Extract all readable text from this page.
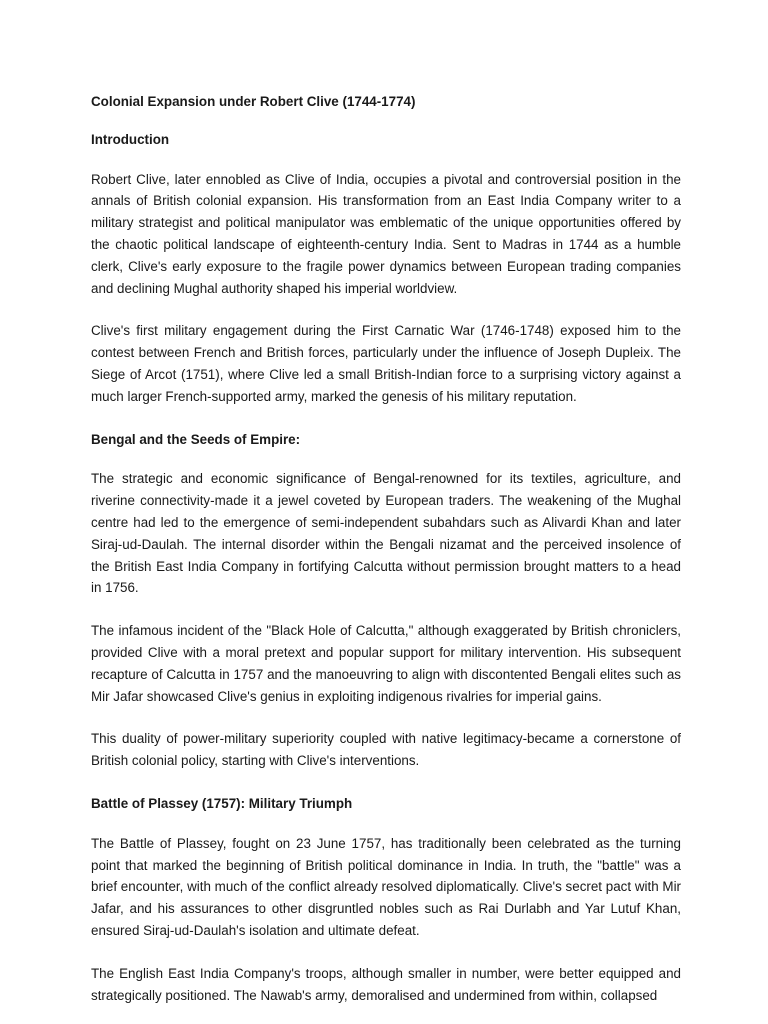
Colonial Expansion under Robert Clive (1744-1774)
Introduction

Robert Clive, later ennobled as Clive of India, occupies a pivotal and controversial position in the annals of British colonial expansion. His transformation from an East India Company writer to a military strategist and political manipulator was emblematic of the unique opportunities offered by the chaotic political landscape of eighteenth-century India. Sent to Madras in 1744 as a humble clerk, Clive's early exposure to the fragile power dynamics between European trading companies and declining Mughal authority shaped his imperial worldview.

Clive's first military engagement during the First Carnatic War (1746-1748) exposed him to the contest between French and British forces, particularly under the influence of Joseph Dupleix. The Siege of Arcot (1751), where Clive led a small British-Indian force to a surprising victory against a much larger French-supported army, marked the genesis of his military reputation.

Bengal and the Seeds of Empire:

The strategic and economic significance of Bengal-renowned for its textiles, agriculture, and riverine connectivity-made it a jewel coveted by European traders. The weakening of the Mughal centre had led to the emergence of semi-independent subahdars such as Alivardi Khan and later Siraj-ud-Daulah. The internal disorder within the Bengali nizamat and the perceived insolence of the British East India Company in fortifying Calcutta without permission brought matters to a head in 1756.

The infamous incident of the "Black Hole of Calcutta," although exaggerated by British chroniclers, provided Clive with a moral pretext and popular support for military intervention. His subsequent recapture of Calcutta in 1757 and the manoeuvring to align with discontented Bengali elites such as Mir Jafar showcased Clive's genius in exploiting indigenous rivalries for imperial gains.

This duality of power-military superiority coupled with native legitimacy-became a cornerstone of British colonial policy, starting with Clive's interventions.

Battle of Plassey (1757): Military Triumph

The Battle of Plassey, fought on 23 June 1757, has traditionally been celebrated as the turning point that marked the beginning of British political dominance in India. In truth, the "battle" was a brief encounter, with much of the conflict already resolved diplomatically. Clive's secret pact with Mir Jafar, and his assurances to other disgruntled nobles such as Rai Durlabh and Yar Lutuf Khan, ensured Siraj-ud-Daulah's isolation and ultimate defeat.

The English East India Company's troops, although smaller in number, were better equipped and strategically positioned. The Nawab's army, demoralised and undermined from within, collapsed
